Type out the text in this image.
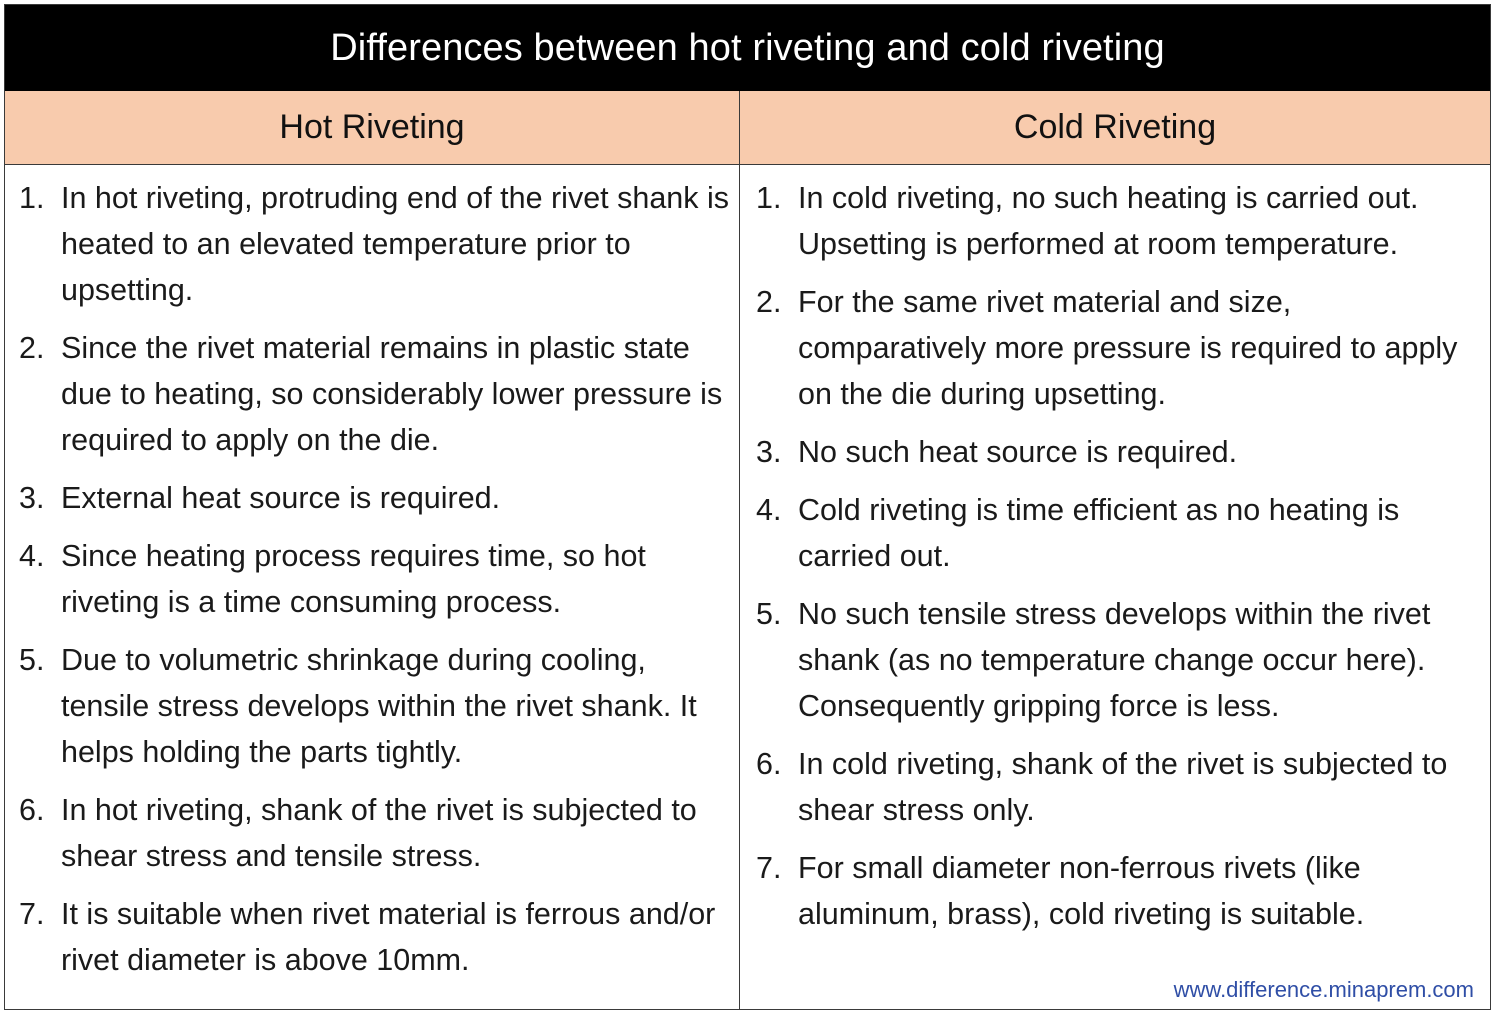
Differences between hot riveting and cold riveting
Hot Riveting	Cold Riveting
1. In hot riveting, protruding end of the rivet shank is heated to an elevated temperature prior to upsetting.
2. Since the rivet material remains in plastic state due to heating, so considerably lower pressure is required to apply on the die.
3. External heat source is required.
4. Since heating process requires time, so hot riveting is a time consuming process.
5. Due to volumetric shrinkage during cooling, tensile stress develops within the rivet shank. It helps holding the parts tightly.
6. In hot riveting, shank of the rivet is subjected to shear stress and tensile stress.
7. It is suitable when rivet material is ferrous and/or rivet diameter is above 10mm.
1. In cold riveting, no such heating is carried out. Upsetting is performed at room temperature.
2. For the same rivet material and size, comparatively more pressure is required to apply on the die during upsetting.
3. No such heat source is required.
4. Cold riveting is time efficient as no heating is carried out.
5. No such tensile stress develops within the rivet shank (as no temperature change occur here). Consequently gripping force is less.
6. In cold riveting, shank of the rivet is subjected to shear stress only.
7. For small diameter non-ferrous rivets (like aluminum, brass), cold riveting is suitable.
www.difference.minaprem.com
